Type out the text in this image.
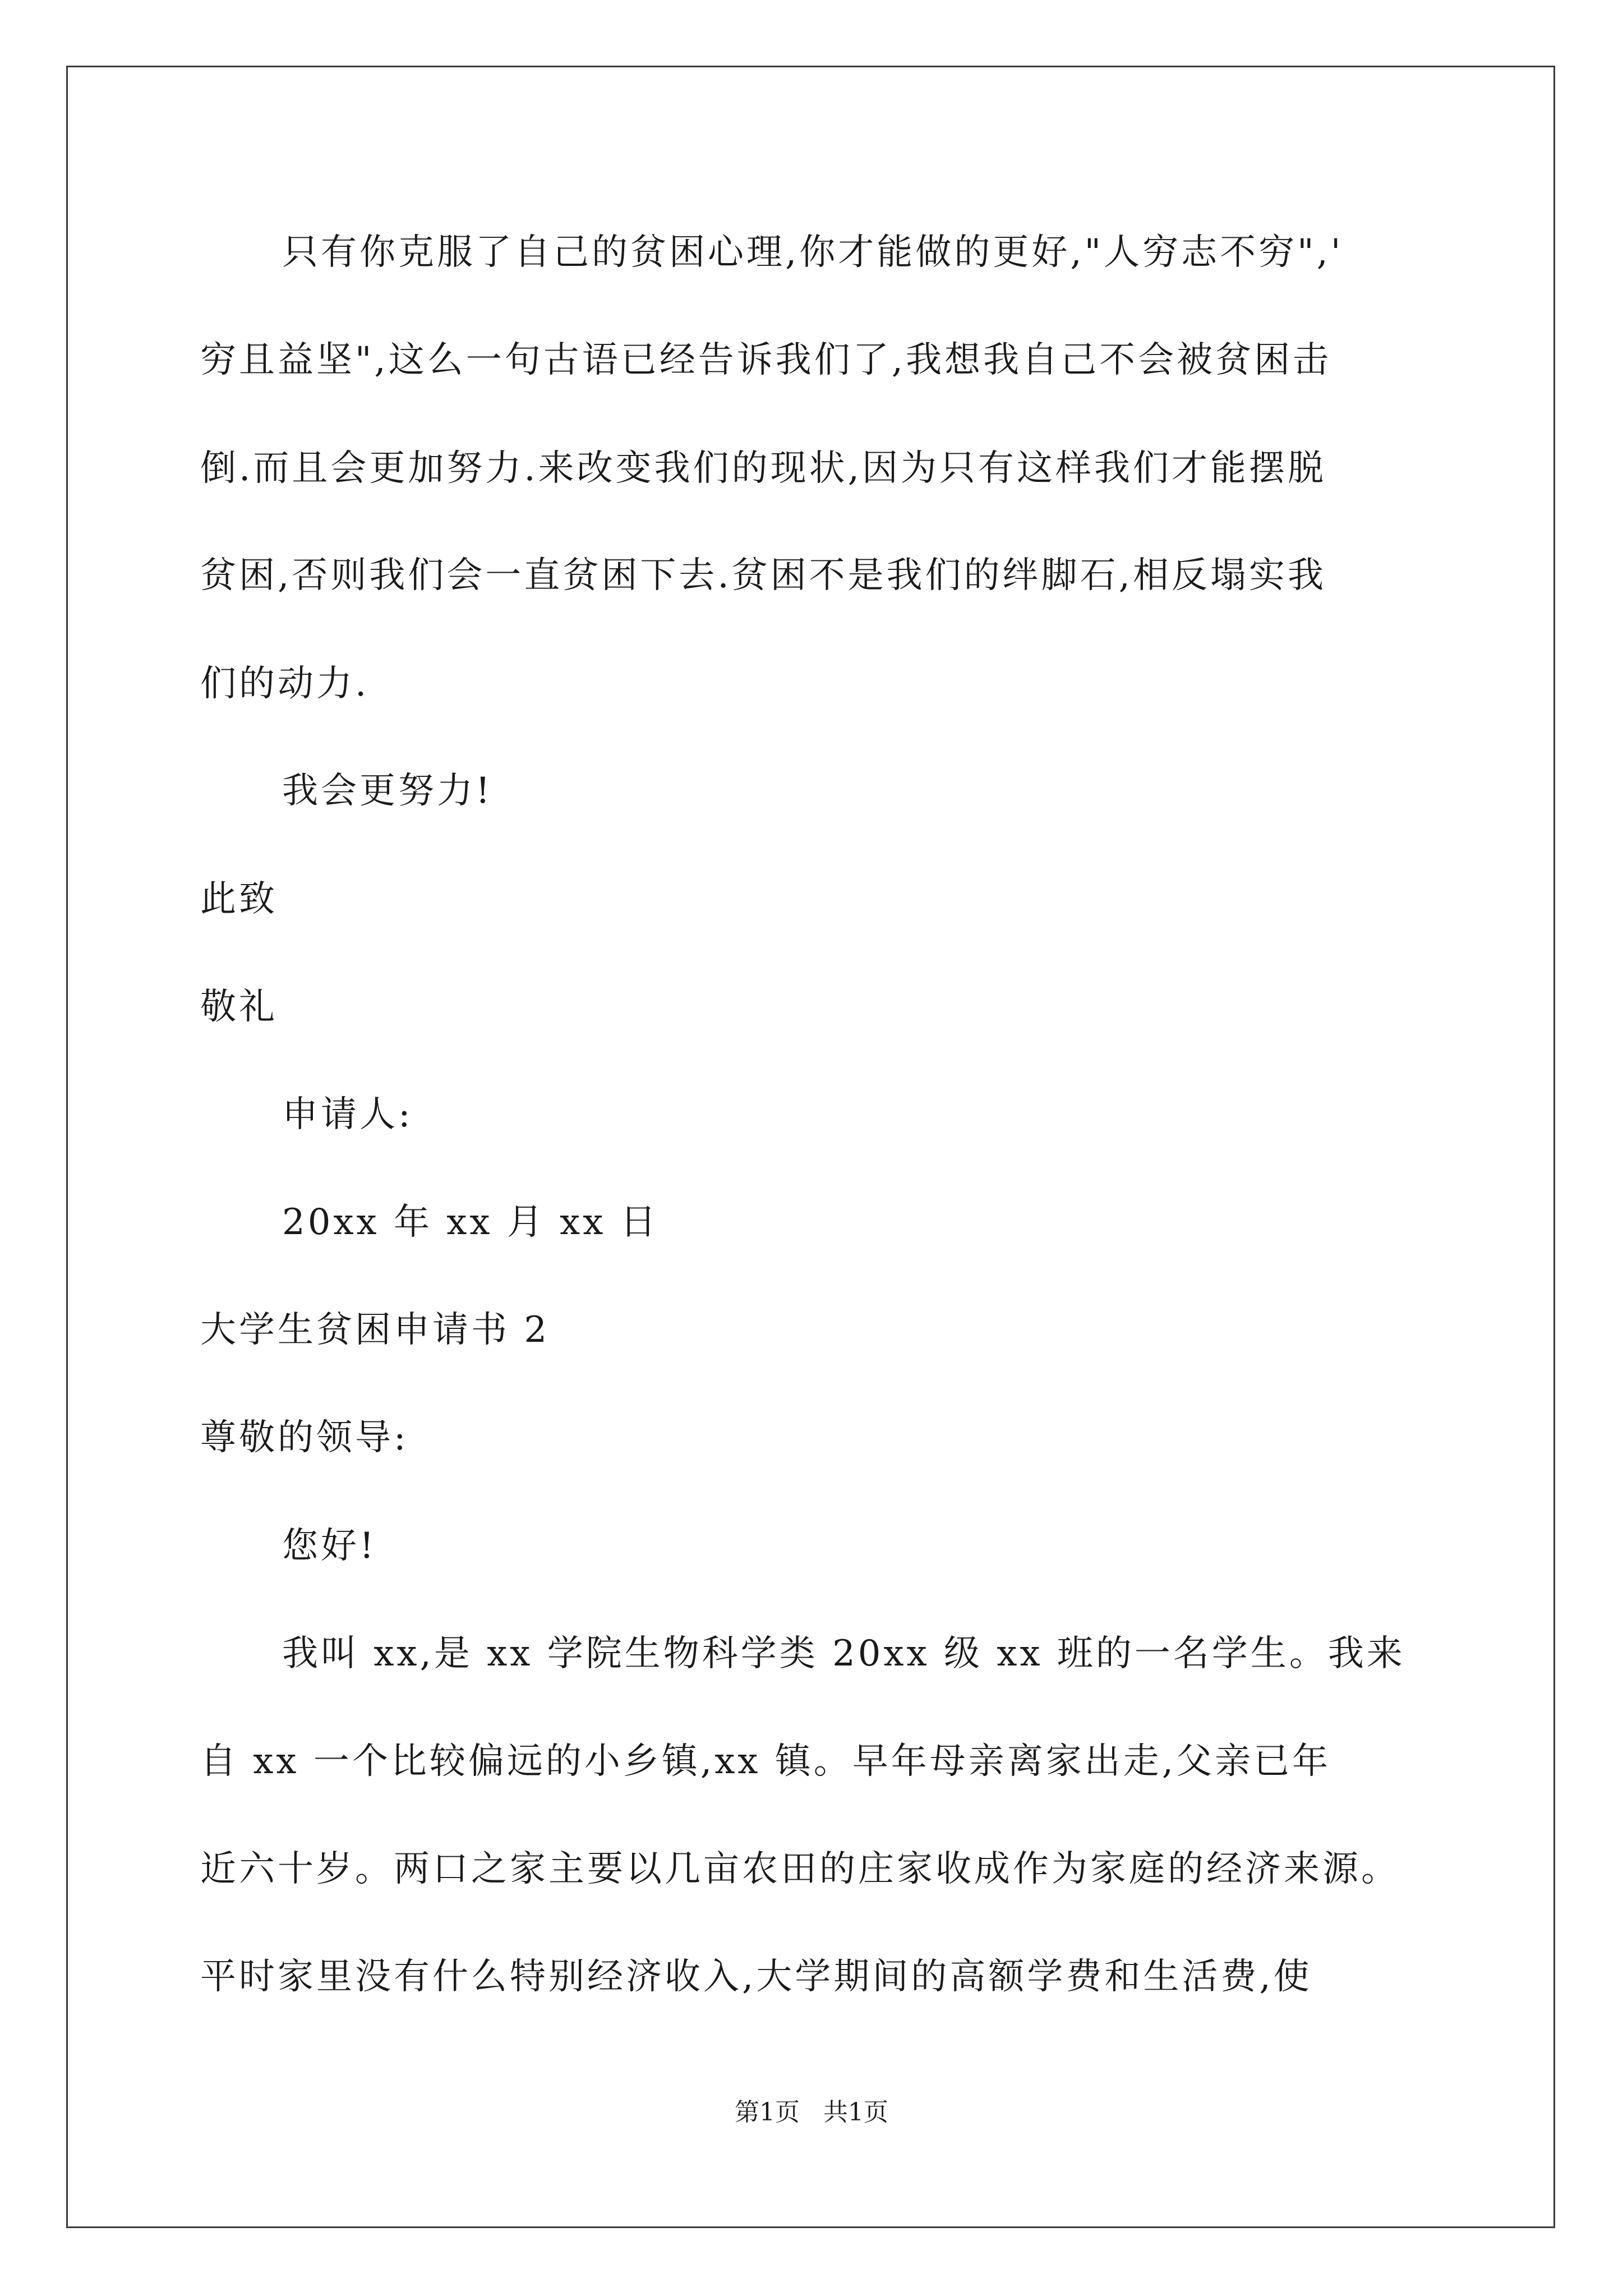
只有你克服了自己的贫困心理,你才能做的更好,"人穷志不穷",'
穷且益坚",这么一句古语已经告诉我们了,我想我自己不会被贫困击
倒.而且会更加努力.来改变我们的现状,因为只有这样我们才能摆脱
贫困,否则我们会一直贫困下去.贫困不是我们的绊脚石,相反塌实我
们的动力.
我会更努力!
此致
敬礼
申请人:
20xx 年 xx 月 xx 日
大学生贫困申请书 2
尊敬的领导:
您好!
我叫 xx,是 xx 学院生物科学类 20xx 级 xx 班的一名学生。我来
自 xx 一个比较偏远的小乡镇,xx 镇。早年母亲离家出走,父亲已年
近六十岁。两口之家主要以几亩农田的庄家收成作为家庭的经济来源。
平时家里没有什么特别经济收入,大学期间的高额学费和生活费,使
第1页   共1页
